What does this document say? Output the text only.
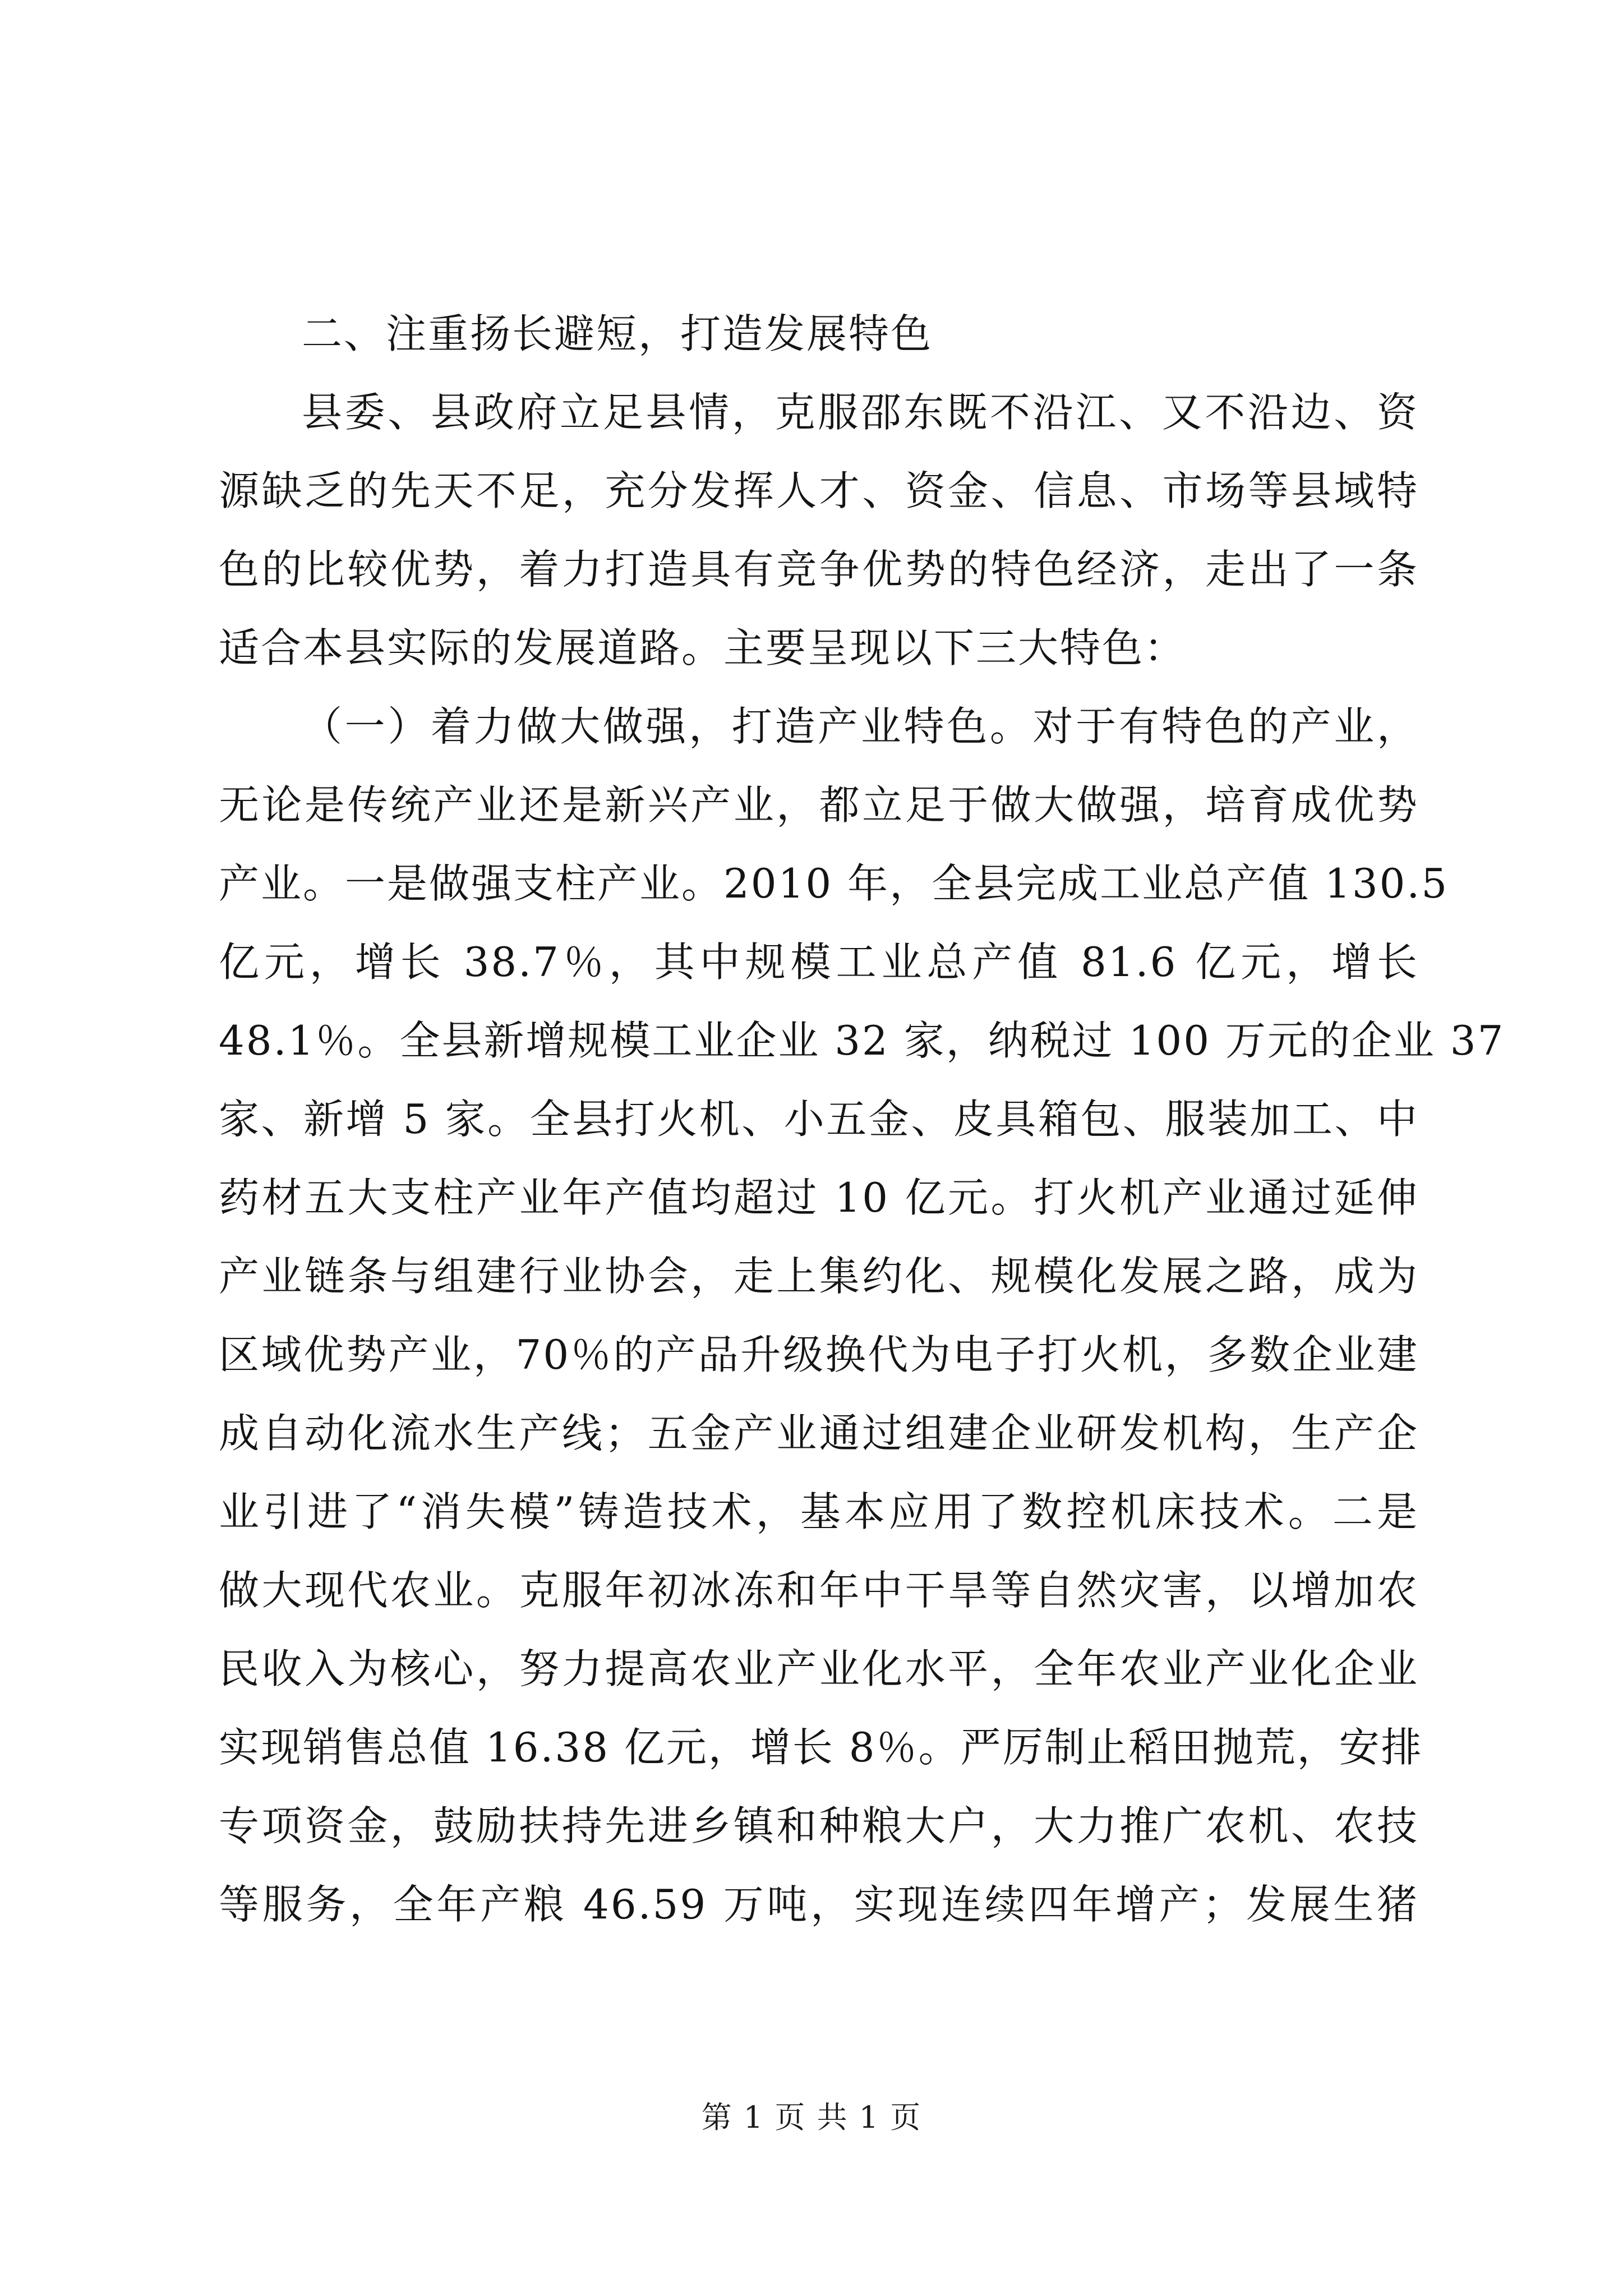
二、注重扬长避短，打造发展特色
县委、县政府立足县情，克服邵东既不沿江、又不沿边、资
源缺乏的先天不足，充分发挥人才、资金、信息、市场等县域特
色的比较优势，着力打造具有竞争优势的特色经济，走出了一条
适合本县实际的发展道路。主要呈现以下三大特色：
（一）着力做大做强，打造产业特色。对于有特色的产业，
无论是传统产业还是新兴产业，都立足于做大做强，培育成优势
产业。一是做强支柱产业。2010 年，全县完成工业总产值 130.5
亿元，增长 38.7％，其中规模工业总产值 81.6 亿元，增长
48.1％。全县新增规模工业企业 32 家，纳税过 100 万元的企业 37
家、新增 5 家。全县打火机、小五金、皮具箱包、服装加工、中
药材五大支柱产业年产值均超过 10 亿元。打火机产业通过延伸
产业链条与组建行业协会，走上集约化、规模化发展之路，成为
区域优势产业，70％的产品升级换代为电子打火机，多数企业建
成自动化流水生产线；五金产业通过组建企业研发机构，生产企
业引进了“消失模”铸造技术，基本应用了数控机床技术。二是
做大现代农业。克服年初冰冻和年中干旱等自然灾害，以增加农
民收入为核心，努力提高农业产业化水平，全年农业产业化企业
实现销售总值 16.38 亿元，增长 8％。严厉制止稻田抛荒，安排
专项资金，鼓励扶持先进乡镇和种粮大户，大力推广农机、农技
等服务，全年产粮 46.59 万吨，实现连续四年增产；发展生猪
第 1 页 共 1 页
